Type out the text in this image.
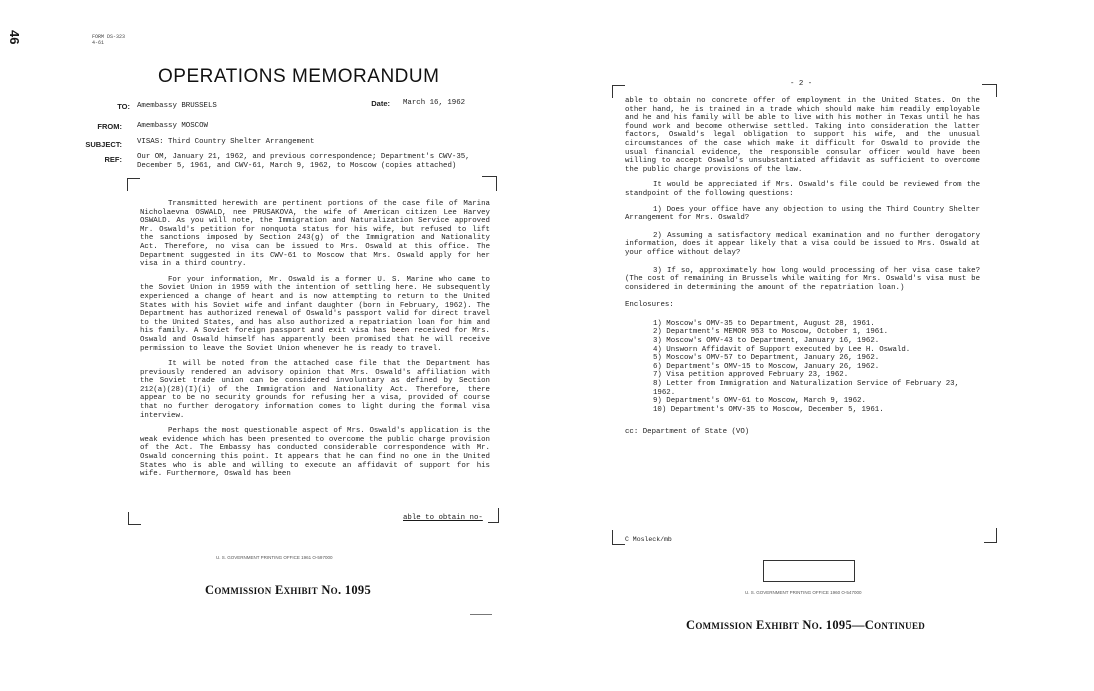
46	FORM DS-323
4-61
OPERATIONS MEMORANDUM
TO: Amembassy BRUSSELS	Date: March 16, 1962
FROM: Amembassy MOSCOW
SUBJECT: VISAS: Third Country Shelter Arrangement
REF: Our OM, January 21, 1962, and previous correspondence; Department's CWV-35, December 5, 1961, and CWV-61, March 9, 1962, to Moscow (copies attached)

Transmitted herewith are pertinent portions of the case file of Marina Nicholaevna OSWALD, nee PRUSAKOVA, the wife of American citizen Lee Harvey OSWALD. As you will note, the Immigration and Naturalization Service approved Mr. Oswald's petition for nonquota status for his wife, but refused to lift the sanctions imposed by Section 243(g) of the Immigration and Nationality Act. Therefore, no visa can be issued to Mrs. Oswald at this office. The Department suggested in its CWV-61 to Moscow that Mrs. Oswald apply for her visa in a third country.

For your information, Mr. Oswald is a former U. S. Marine who came to the Soviet Union in 1959 with the intention of settling here. He subsequently experienced a change of heart and is now attempting to return to the United States with his Soviet wife and infant daughter (born in February, 1962). The Department has authorized renewal of Oswald's passport valid for direct travel to the United States, and has also authorized a repatriation loan for him and his family. A Soviet foreign passport and exit visa has been received for Mrs. Oswald and Oswald himself has apparently been promised that he will receive permission to leave the Soviet Union whenever he is ready to travel.

It will be noted from the attached case file that the Department has previously rendered an advisory opinion that Mrs. Oswald's affiliation with the Soviet trade union can be considered involuntary as defined by Section 212(a)(28)(I)(i) of the Immigration and Nationality Act. Therefore, there appear to be no security grounds for refusing her a visa, provided of course that no further derogatory information comes to light during the formal visa interview.

Perhaps the most questionable aspect of Mrs. Oswald's application is the weak evidence which has been presented to overcome the public charge provision of the Act. The Embassy has conducted considerable correspondence with Mr. Oswald concerning this point. It appears that he can find no one in the United States who is able and willing to execute an affidavit of support for his wife. Furthermore, Oswald has been

able to obtain no-
U. S. GOVERNMENT PRINTING OFFICE 1961 O-597000
Commission Exhibit No. 1095
- 2 -

able to obtain no concrete offer of employment in the United States. On the other hand, he is trained in a trade which should make him readily employable and he and his family will be able to live with his mother in Texas until he has found work and become otherwise settled. Taking into consideration the latter factors, Oswald's legal obligation to support his wife, and the unusual circumstances of the case which make it difficult for Oswald to provide the usual financial evidence, the responsible consular officer would have been willing to accept Oswald's unsubstantiated affidavit as sufficient to overcome the public charge provisions of the law.

It would be appreciated if Mrs. Oswald's file could be reviewed from the standpoint of the following questions:

1) Does your office have any objection to using the Third Country Shelter Arrangement for Mrs. Oswald?
2) Assuming a satisfactory medical examination and no further derogatory information, does it appear likely that a visa could be issued to Mrs. Oswald at your office without delay?
3) If so, approximately how long would processing of her visa case take? (The cost of remaining in Brussels while waiting for Mrs. Oswald's visa must be considered in determining the amount of the repatriation loan.)
Enclosures:
1) Moscow's OMV-35 to Department, August 28, 1961.
2) Department's MEMOR 953 to Moscow, October 1, 1961.
3) Moscow's OMV-43 to Department, January 16, 1962.
4) Unsworn Affidavit of Support executed by Lee H. Oswald.
5) Moscow's OMV-57 to Department, January 26, 1962.
6) Department's OMV-15 to Moscow, January 26, 1962.
7) Visa petition approved February 23, 1962.
8) Letter from Immigration and Naturalization Service of February 23, 1962.
9) Department's OMV-61 to Moscow, March 9, 1962.
10) Department's OMV-35 to Moscow, December 5, 1961.
cc: Department of State (VO)
C Mosleck/mb
U. S. GOVERNMENT PRINTING OFFICE 1960 O-547000
Commission Exhibit No. 1095—Continued
